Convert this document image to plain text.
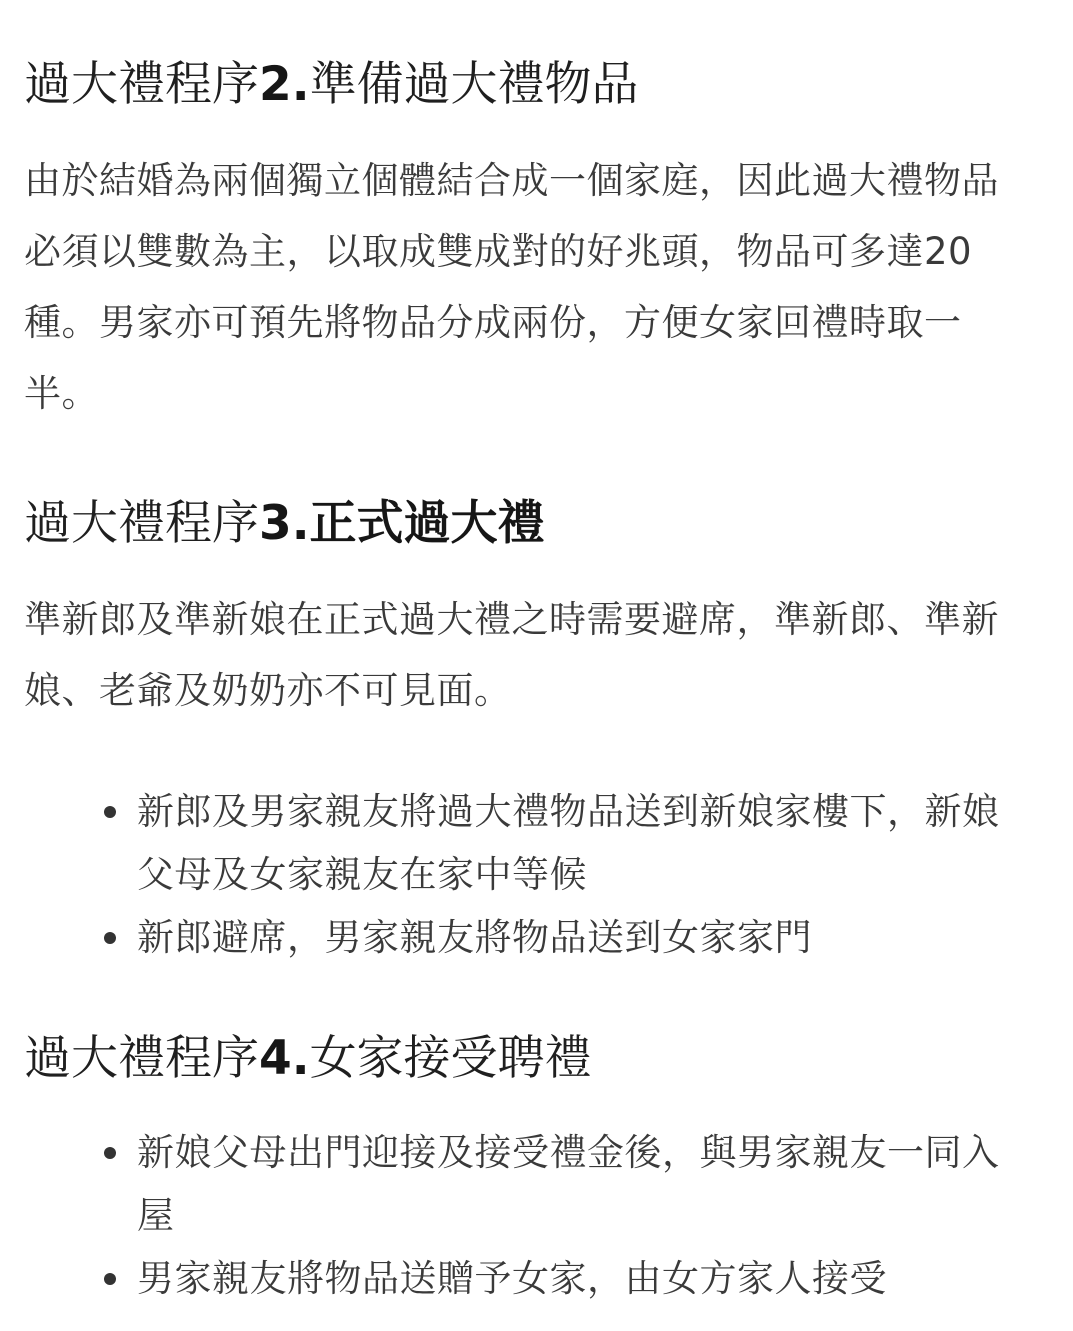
過大禮程序2.準備過大禮物品

由於結婚為兩個獨立個體結合成一個家庭，因此過大禮物品必須以雙數為主，以取成雙成對的好兆頭，物品可多達20種。男家亦可預先將物品分成兩份，方便女家回禮時取一半。

過大禮程序3.正式過大禮

準新郎及準新娘在正式過大禮之時需要避席，準新郎、準新娘、老爺及奶奶亦不可見面。

新郎及男家親友將過大禮物品送到新娘家樓下，新娘父母及女家親友在家中等候
新郎避席，男家親友將物品送到女家家門
過大禮程序4.女家接受聘禮
新娘父母出門迎接及接受禮金後，與男家親友一同入屋
男家親友將物品送贈予女家，由女方家人接受
